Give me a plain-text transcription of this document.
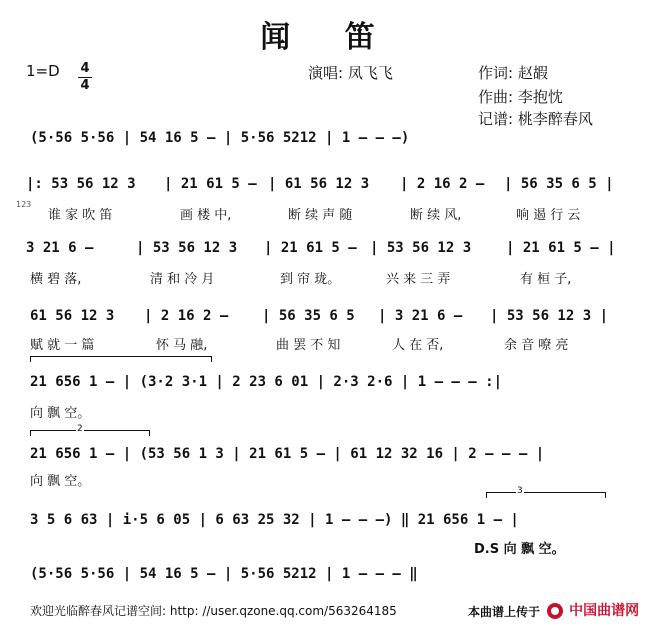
闻 笛
1=D 4
4
演唱: 凤飞飞	作词: 赵嘏
作曲: 李抱忱
记谱: 桃李醉春风

(5·56 5·56 | 54 16 5 – | 5·56 5212 | 1 – – –)

|: 53 56 12 3

| 21 61 5 –

| 61 56 12 3

| 2 16 2 –

| 56 35 6 5 |

123
谁 家 吹 笛	画 楼 中,	断 续 声 随	断 续 风,	响 遏 行 云

3 21 6 –

	| 53 56 12 3

| 21 61 5 –

| 53 56 12 3

| 21 61 5 – |

横 碧 落,	清 和 冷 月	到 帘 珑。	兴 来 三 弄	有 桓 子,

61 56 12 3

| 2 16 2 –

| 56 35 6 5

| 3 21 6 –

| 53 56 12 3 |

赋 就 一 篇	怀 马 融,	曲 罢 不 知	人 在 否,	余 音 嘹 亮

21 656 1 – | (3·2 3·1 | 2 23 6 01 | 2·3 2·6 | 1 – – – :|

向 飘 空。
2

21 656 1 – | (53 56 1 3 | 21 61 5 – | 61 12 32 16 | 2 – – – |

向 飘 空。
3

3 5 6 63 | i·5 6 05 | 6 63 25 32 | 1 – – –) ‖ 21 656 1 – |

D.S 向 飘 空。

(5·56 5·56 | 54 16 5 – | 5·56 5212 | 1 – – – ‖

欢迎光临醉春风记谱空间: http: //user.qzone.qq.com/563264185	本曲谱上传于	中国曲谱网
